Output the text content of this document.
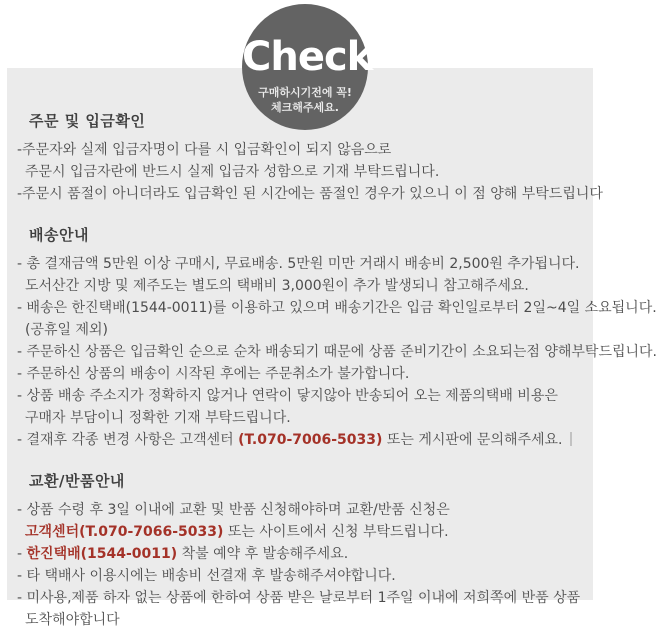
Check
구매하시기전에 꼭!
체크해주세요.
주문 및 입금확인
-주문자와 실제 입금자명이 다를 시 입금확인이 되지 않음으로
주문시 입금자란에 반드시 실제 입금자 성함으로 기재 부탁드립니다.
-주문시 품절이 아니더라도 입금확인 된 시간에는 품절인 경우가 있으니 이 점 양해 부탁드립니다
배송안내
- 총 결재금액 5만원 이상 구매시, 무료배송. 5만원 미만 거래시 배송비 2,500원 추가됩니다.
도서산간 지방 및 제주도는 별도의 택배비 3,000원이 추가 발생되니 참고해주세요.
- 배송은 한진택배(1544-0011)를 이용하고 있으며 배송기간은 입금 확인일로부터 2일~4일 소요됩니다.
(공휴일 제외)
- 주문하신 상품은 입금확인 순으로 순차 배송되기 때문에 상품 준비기간이 소요되는점 양해부탁드립니다.
- 주문하신 상품의 배송이 시작된 후에는 주문취소가 불가합니다.
- 상품 배송 주소지가 정확하지 않거나 연락이 닿지않아 반송되어 오는 제품의택배 비용은
구매자 부담이니 정확한 기재 부탁드립니다.
- 결재후 각종 변경 사항은 고객센터 (T.070-7006-5033) 또는 게시판에 문의해주세요.
교환/반품안내
- 상품 수령 후 3일 이내에 교환 및 반품 신청해야하며 교환/반품 신청은
고객센터(T.070-7066-5033) 또는 사이트에서 신청 부탁드립니다.
- 한진택배(1544-0011) 착불 예약 후 발송해주세요.
- 타 택배사 이용시에는 배송비 선결재 후 발송해주셔야합니다.
- 미사용,제품 하자 없는 상품에 한하여 상품 받은 날로부터 1주일 이내에 저희쪽에 반품 상품
도착해야합니다
